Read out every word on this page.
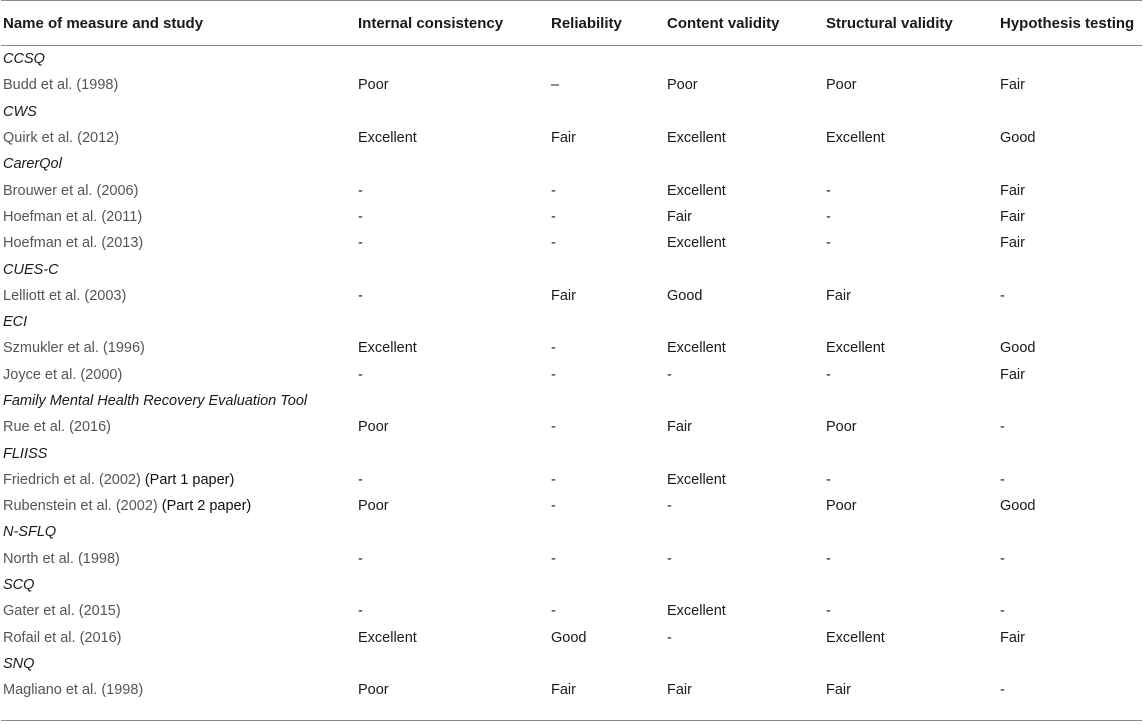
Name of measure and study	Internal consistency	Reliability	Content validity	Structural validity	Hypothesis testing
CCSQ					
Budd et al. (1998)	Poor	–	Poor	Poor	Fair
CWS					
Quirk et al. (2012)	Excellent	Fair	Excellent	Excellent	Good
CarerQol					
Brouwer et al. (2006)	-	-	Excellent	-	Fair
Hoefman et al. (2011)	-	-	Fair	-	Fair
Hoefman et al. (2013)	-	-	Excellent	-	Fair
CUES-C					
Lelliott et al. (2003)	-	Fair	Good	Fair	-
ECI					
Szmukler et al. (1996)	Excellent	-	Excellent	Excellent	Good
Joyce et al. (2000)	-	-	-	-	Fair
Family Mental Health Recovery Evaluation Tool					
Rue et al. (2016)	Poor	-	Fair	Poor	-
FLIISS					
Friedrich et al. (2002) (Part 1 paper)	-	-	Excellent	-	-
Rubenstein et al. (2002) (Part 2 paper)	Poor	-	-	Poor	Good
N-SFLQ					
North et al. (1998)	-	-	-	-	-
SCQ					
Gater et al. (2015)	-	-	Excellent	-	-
Rofail et al. (2016)	Excellent	Good	-	Excellent	Fair
SNQ					
Magliano et al. (1998)	Poor	Fair	Fair	Fair	-
